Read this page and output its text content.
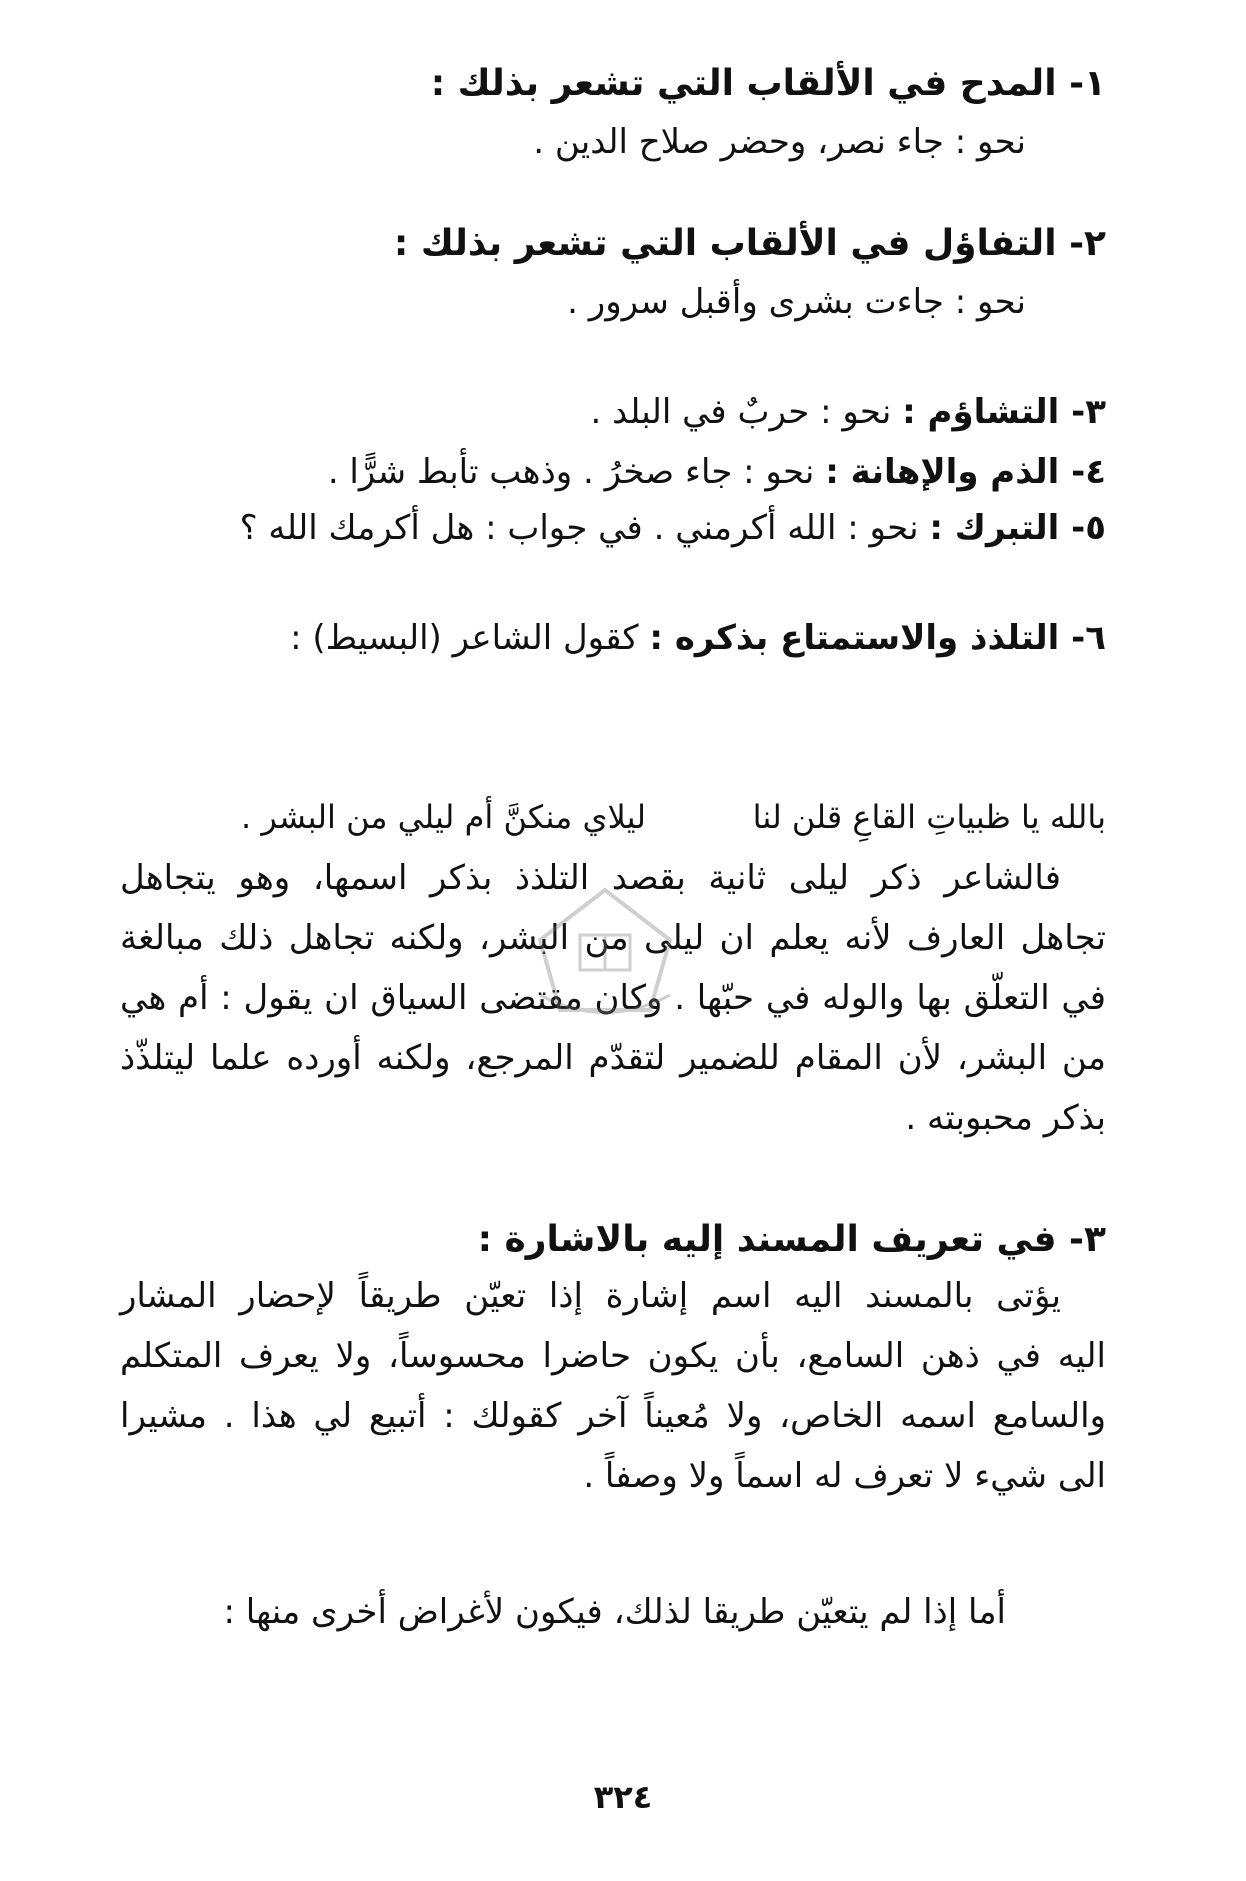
١- المدح في الألقاب التي تشعر بذلك :
نحو : جاء نصر، وحضر صلاح الدين .
٢- التفاؤل في الألقاب التي تشعر بذلك :
نحو : جاءت بشرى وأقبل سرور .
٣- التشاؤم : نحو : حربٌ في البلد .
٤- الذم والإهانة : نحو : جاء صخرُ . وذهب تأبط شرًّا .
٥- التبرك : نحو : الله أكرمني . في جواب : هل أكرمك الله ؟
٦- التلذذ والاستمتاع بذكره : كقول الشاعر (البسيط) :
بالله يا ظبياتِ القاعِ قلن لنا
ليلاي منكنَّ أم ليلي من البشر .
فالشاعر ذكر ليلى ثانية بقصد التلذذ بذكر اسمها، وهو يتجاهل
تجاهل العارف لأنه يعلم ان ليلى من البشر، ولكنه تجاهل ذلك مبالغة
في التعلّق بها والوله في حبّها . وكان مقتضى السياق ان يقول : أم هي
من البشر، لأن المقام للضمير لتقدّم المرجع، ولكنه أورده علما ليتلذّذ
بذكر محبوبته .
٣- في تعريف المسند إليه بالاشارة :
يؤتى بالمسند اليه اسم إشارة إذا تعيّن طريقاً لإحضار المشار
اليه في ذهن السامع، بأن يكون حاضرا محسوساً، ولا يعرف المتكلم
والسامع اسمه الخاص، ولا مُعيناً آخر كقولك : أتبيع لي هذا . مشيرا
الى شيء لا تعرف له اسماً ولا وصفاً .
أما إذا لم يتعيّن طريقا لذلك، فيكون لأغراض أخرى منها :
٣٢٤
